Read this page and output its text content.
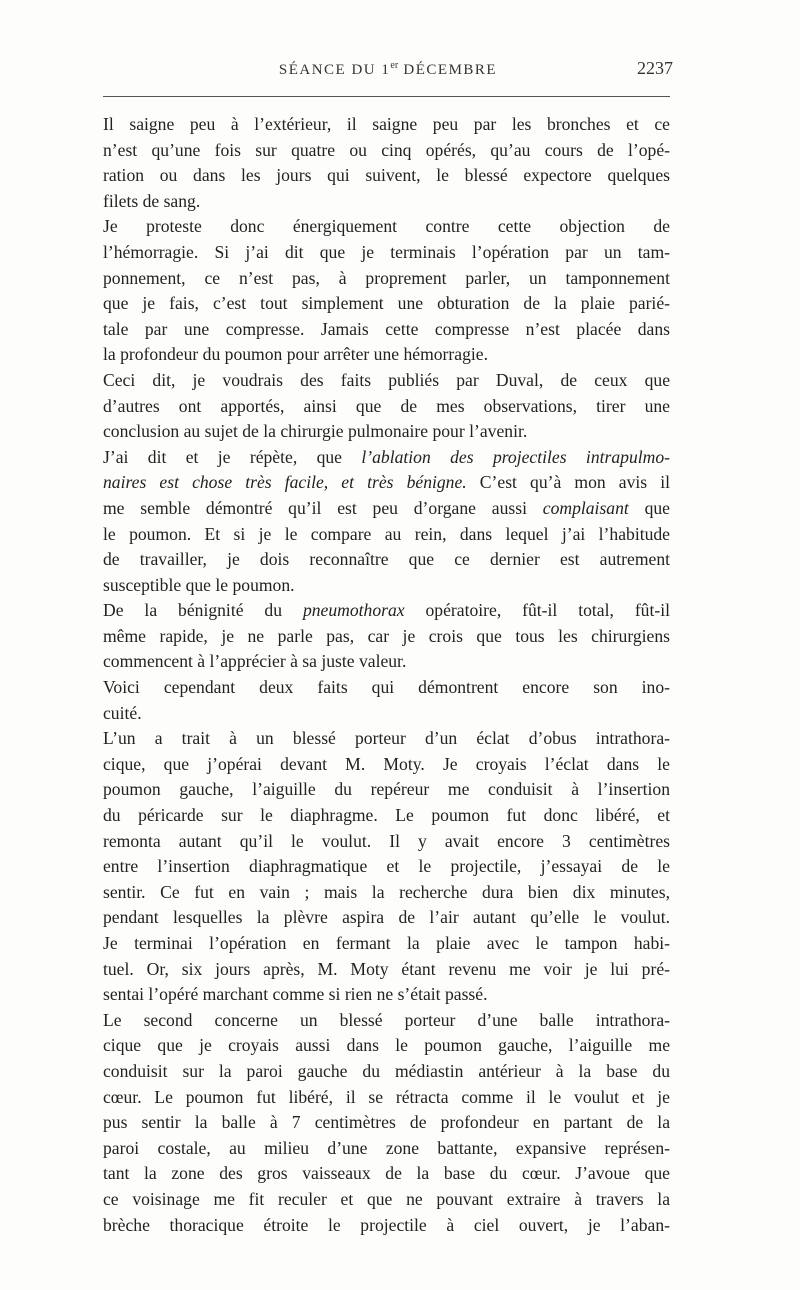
SÉANCE DU 1er DÉCEMBRE	2237
Il saigne peu à l’extérieur, il saigne peu par les bronches et ce
n’est qu’une fois sur quatre ou cinq opérés, qu’au cours de l’opé-
ration ou dans les jours qui suivent, le blessé expectore quelques
filets de sang.
Je proteste donc énergiquement contre cette objection de
l’hémorragie. Si j’ai dit que je terminais l’opération par un tam-
ponnement, ce n’est pas, à proprement parler, un tamponnement
que je fais, c’est tout simplement une obturation de la plaie parié-
tale par une compresse. Jamais cette compresse n’est placée dans
la profondeur du poumon pour arrêter une hémorragie.
Ceci dit, je voudrais des faits publiés par Duval, de ceux que
d’autres ont apportés, ainsi que de mes observations, tirer une
conclusion au sujet de la chirurgie pulmonaire pour l’avenir.
J’ai dit et je répète, que l’ablation des projectiles intrapulmo-
naires est chose très facile, et très bénigne. C’est qu’à mon avis il
me semble démontré qu’il est peu d’organe aussi complaisant que
le poumon. Et si je le compare au rein, dans lequel j’ai l’habitude
de travailler, je dois reconnaître que ce dernier est autrement
susceptible que le poumon.
De la bénignité du pneumothorax opératoire, fût-il total, fût-il
même rapide, je ne parle pas, car je crois que tous les chirurgiens
commencent à l’apprécier à sa juste valeur.
Voici cependant deux faits qui démontrent encore son ino-
cuité.
L’un a trait à un blessé porteur d’un éclat d’obus intrathora-
cique, que j’opérai devant M. Moty. Je croyais l’éclat dans le
poumon gauche, l’aiguille du repéreur me conduisit à l’insertion
du péricarde sur le diaphragme. Le poumon fut donc libéré, et
remonta autant qu’il le voulut. Il y avait encore 3 centimètres
entre l’insertion diaphragmatique et le projectile, j’essayai de le
sentir. Ce fut en vain ; mais la recherche dura bien dix minutes,
pendant lesquelles la plèvre aspira de l’air autant qu’elle le voulut.
Je terminai l’opération en fermant la plaie avec le tampon habi-
tuel. Or, six jours après, M. Moty étant revenu me voir je lui pré-
sentai l’opéré marchant comme si rien ne s’était passé.
Le second concerne un blessé porteur d’une balle intrathora-
cique que je croyais aussi dans le poumon gauche, l’aiguille me
conduisit sur la paroi gauche du médiastin antérieur à la base du
cœur. Le poumon fut libéré, il se rétracta comme il le voulut et je
pus sentir la balle à 7 centimètres de profondeur en partant de la
paroi costale, au milieu d’une zone battante, expansive représen-
tant la zone des gros vaisseaux de la base du cœur. J’avoue que
ce voisinage me fit reculer et que ne pouvant extraire à travers la
brèche thoracique étroite le projectile à ciel ouvert, je l’aban-
